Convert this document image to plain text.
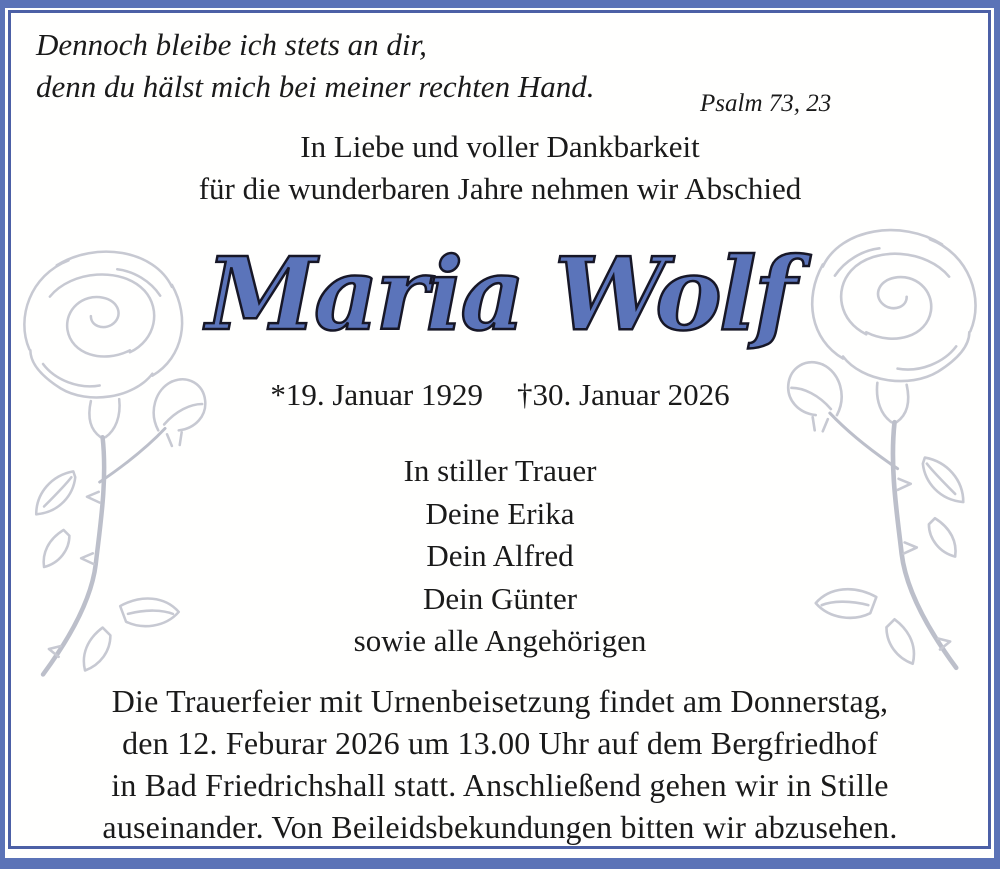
Dennoch bleibe ich stets an dir,
denn du hälst mich bei meiner rechten Hand.	Psalm 73, 23
In Liebe und voller Dankbarkeit
für die wunderbaren Jahre nehmen wir Abschied
Maria Wolf
*19. Januar 1929 †30. Januar 2026
In stiller Trauer
Deine Erika
Dein Alfred
Dein Günter
sowie alle Angehörigen
Die Trauerfeier mit Urnenbeisetzung findet am Donnerstag,
den 12. Feburar 2026 um 13.00 Uhr auf dem Bergfriedhof
in Bad Friedrichshall statt. Anschließend gehen wir in Stille
auseinander. Von Beileidsbekundungen bitten wir abzusehen.
